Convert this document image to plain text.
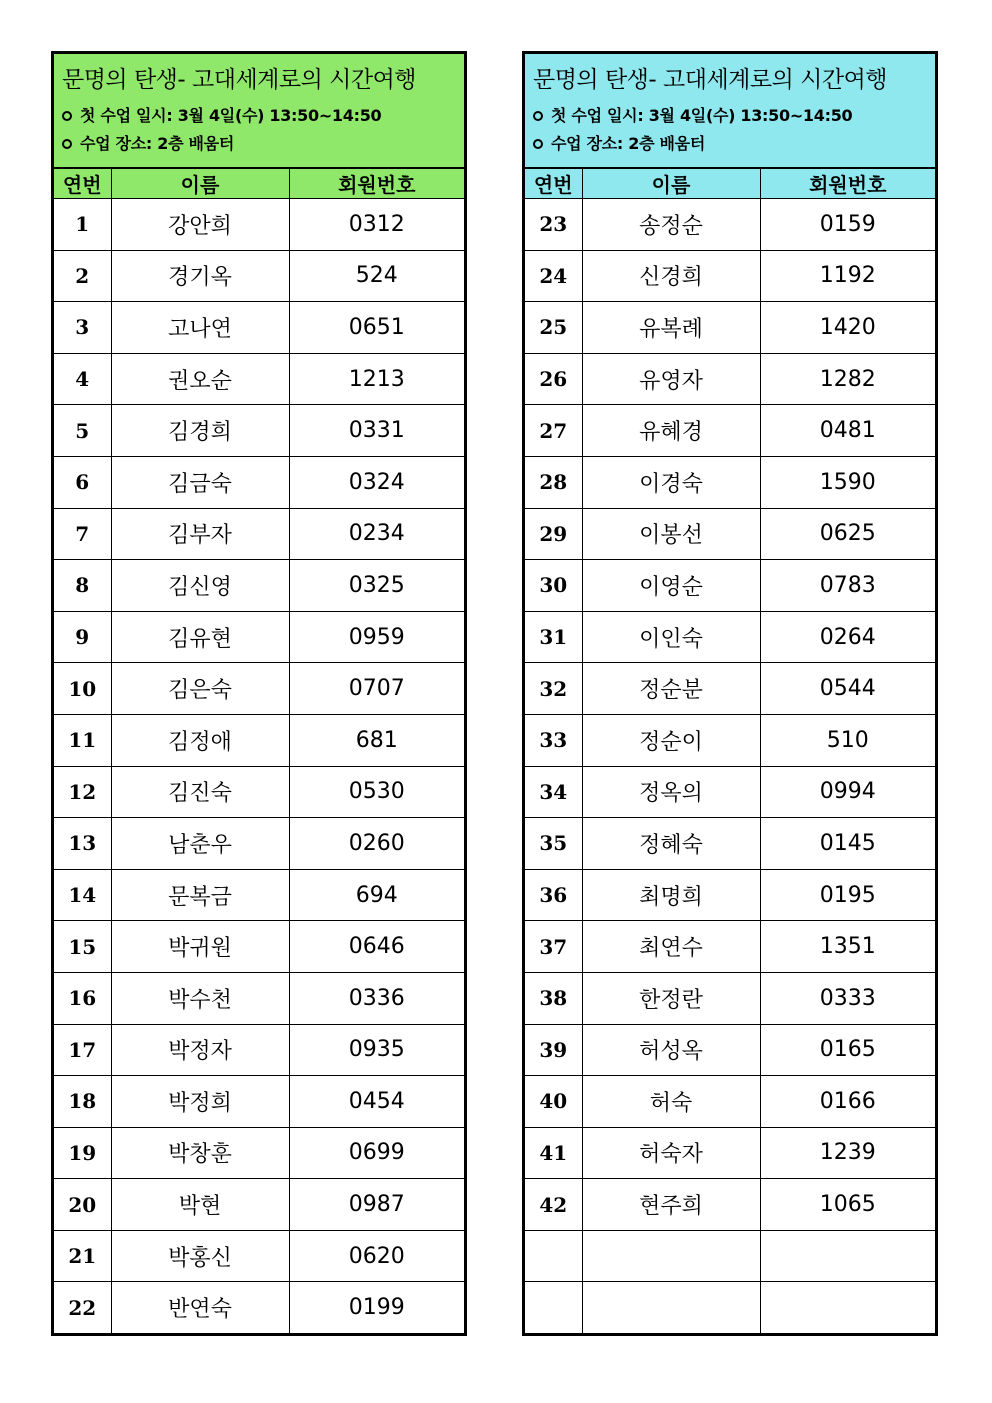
문명의 탄생- 고대세계로의 시간여행
첫 수업 일시: 3월 4일(수) 13:50~14:50
수업 장소: 2층 배움터
연번	이름	회원번호
1	강안희	0312
2	경기옥	524
3	고나연	0651
4	권오순	1213
5	김경희	0331
6	김금숙	0324
7	김부자	0234
8	김신영	0325
9	김유현	0959
10	김은숙	0707
11	김정애	681
12	김진숙	0530
13	남춘우	0260
14	문복금	694
15	박귀원	0646
16	박수천	0336
17	박정자	0935
18	박정희	0454
19	박창훈	0699
20	박현	0987
21	박홍신	0620
22	반연숙	0199
문명의 탄생- 고대세계로의 시간여행
첫 수업 일시: 3월 4일(수) 13:50~14:50
수업 장소: 2층 배움터
연번	이름	회원번호
23	송정순	0159
24	신경희	1192
25	유복례	1420
26	유영자	1282
27	유혜경	0481
28	이경숙	1590
29	이봉선	0625
30	이영순	0783
31	이인숙	0264
32	정순분	0544
33	정순이	510
34	정옥의	0994
35	정혜숙	0145
36	최명희	0195
37	최연수	1351
38	한정란	0333
39	허성옥	0165
40	허숙	0166
41	허숙자	1239
42	현주희	1065
